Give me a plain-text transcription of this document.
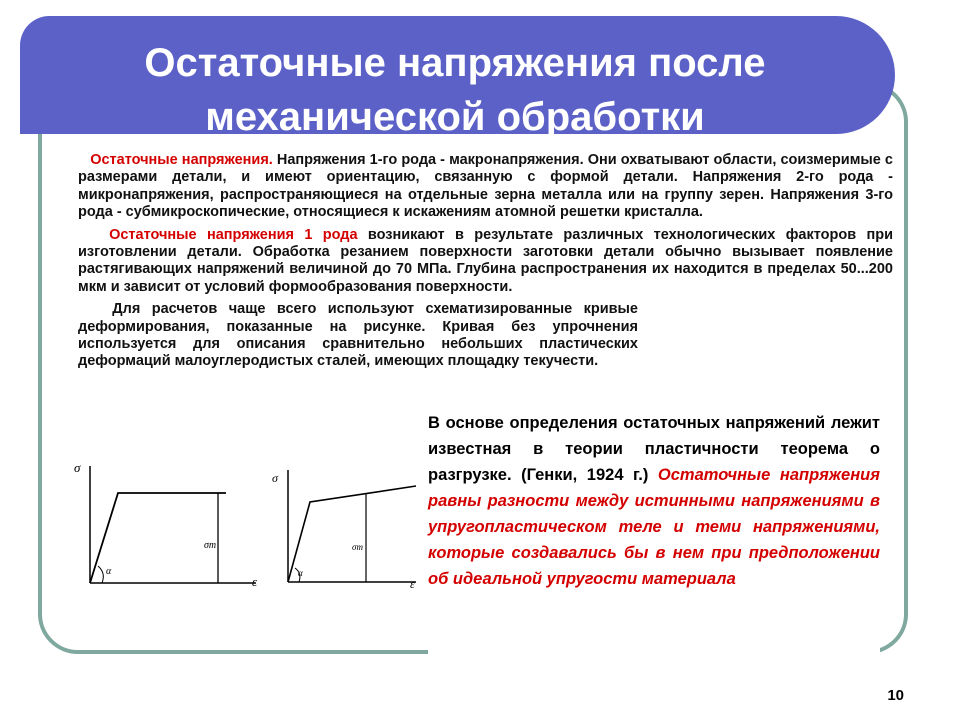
Остаточные напряжения после
механической обработки

Остаточные напряжения. Напряжения 1-го рода - макронапряжения. Они охватывают области, соизмеримые с размерами детали, и имеют ориентацию, связанную с формой детали. Напряжения 2-го рода - микронапряжения, распространяющиеся на отдельные зерна металла или на группу зерен. Напряжения 3-го рода - субмикроскопические, относящиеся к искажениям атомной решетки кристалла.

Остаточные напряжения 1 рода возникают в результате различных технологических факторов при изготовлении детали. Обработка резанием поверхности заготовки детали обычно вызывает появление растягивающих напряжений величиной до 70 МПа. Глубина распространения их находится в пределах 50...200 мкм и зависит от условий формообразования поверхности.

Для расчетов чаще всего используют схематизированные кривые деформирования, показанные на рисунке. Кривая без упрочнения используется для описания сравнительно небольших пластических деформаций малоуглеродистых сталей, имеющих площадку текучести.

σ
ε
σт
α
σ
ε
σт
α
В основе определения остаточных напряжений лежит известная в теории пластичности теорема о разгрузке. (Генки, 1924 г.) Остаточные напряжения равны разности между истинными напряжениями в упругопластическом теле и теми напряжениями, которые создавались бы в нем при предположении об идеальной упругости материала
10
